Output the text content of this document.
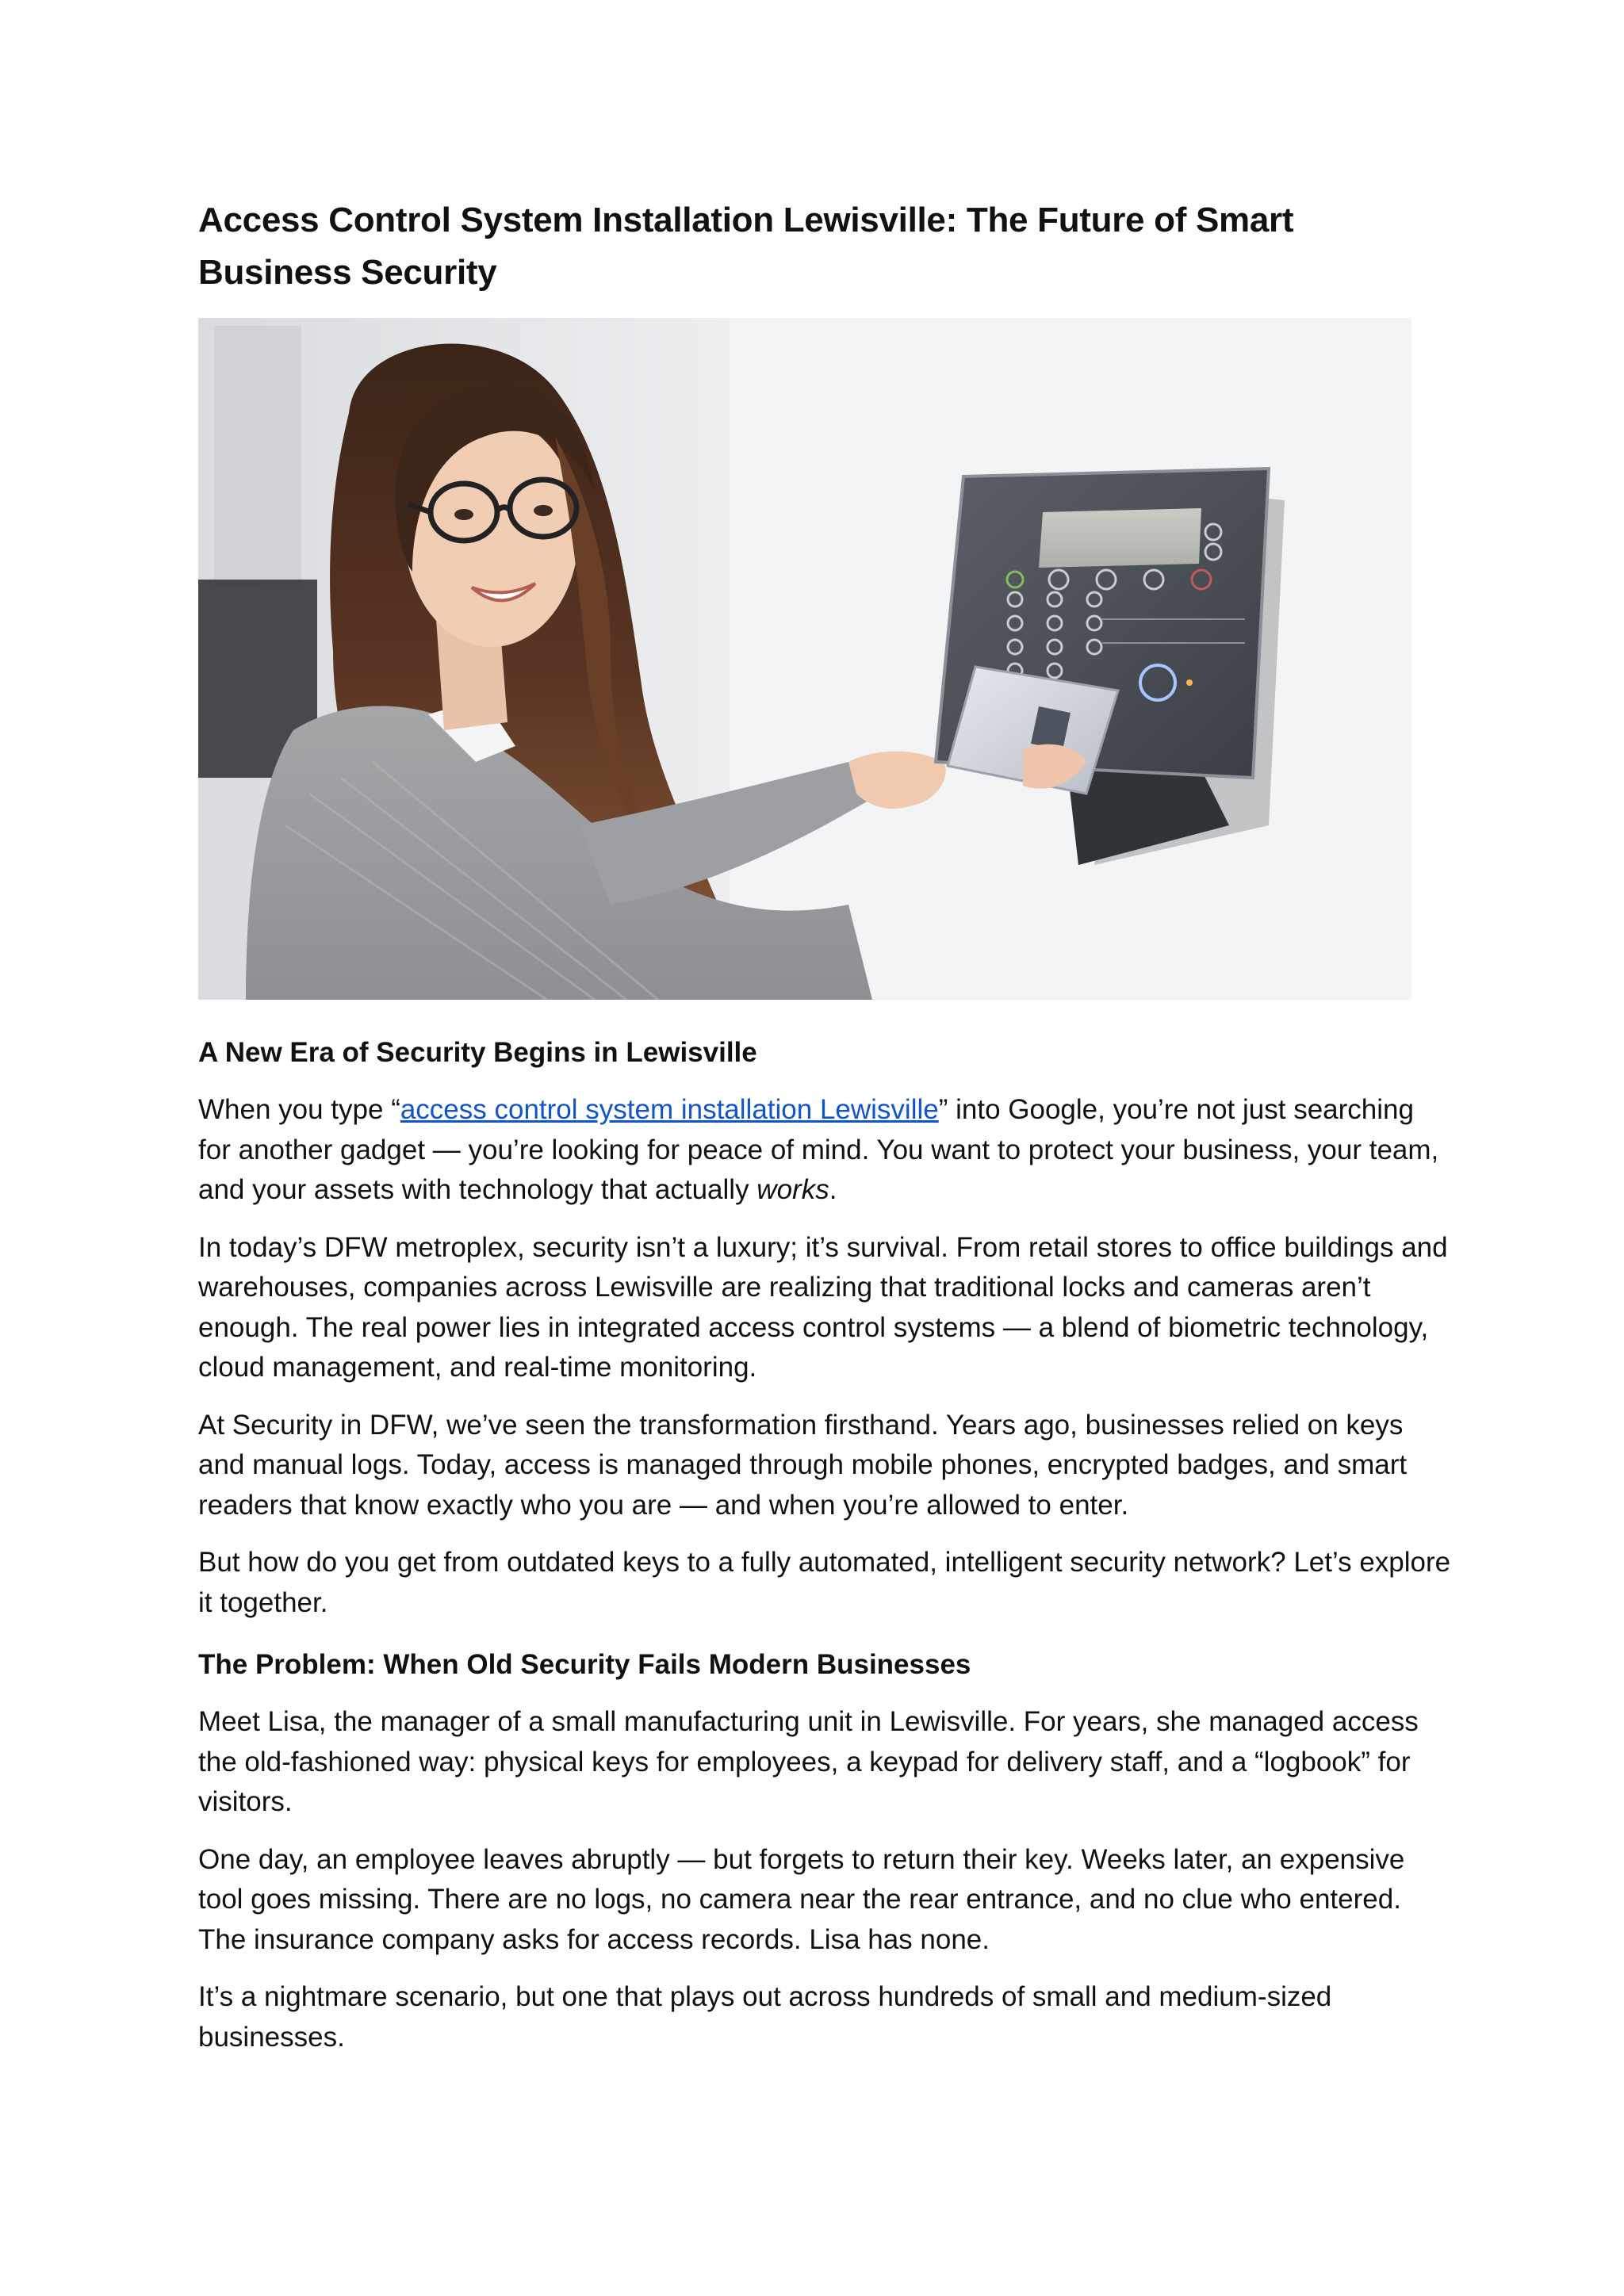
Access Control System Installation Lewisville: The Future of Smart Business Security
A New Era of Security Begins in Lewisville

When you type “access control system installation Lewisville” into Google, you’re not just searching for another gadget — you’re looking for peace of mind. You want to protect your business, your team, and your assets with technology that actually works.

In today’s DFW metroplex, security isn’t a luxury; it’s survival. From retail stores to office buildings and warehouses, companies across Lewisville are realizing that traditional locks and cameras aren’t enough. The real power lies in integrated access control systems — a blend of biometric technology, cloud management, and real-time monitoring.

At Security in DFW, we’ve seen the transformation firsthand. Years ago, businesses relied on keys and manual logs. Today, access is managed through mobile phones, encrypted badges, and smart readers that know exactly who you are — and when you’re allowed to enter.

But how do you get from outdated keys to a fully automated, intelligent security network? Let’s explore it together.

The Problem: When Old Security Fails Modern Businesses

Meet Lisa, the manager of a small manufacturing unit in Lewisville. For years, she managed access the old-fashioned way: physical keys for employees, a keypad for delivery staff, and a “logbook” for visitors.

One day, an employee leaves abruptly — but forgets to return their key. Weeks later, an expensive tool goes missing. There are no logs, no camera near the rear entrance, and no clue who entered. The insurance company asks for access records. Lisa has none.

It’s a nightmare scenario, but one that plays out across hundreds of small and medium-sized businesses.
